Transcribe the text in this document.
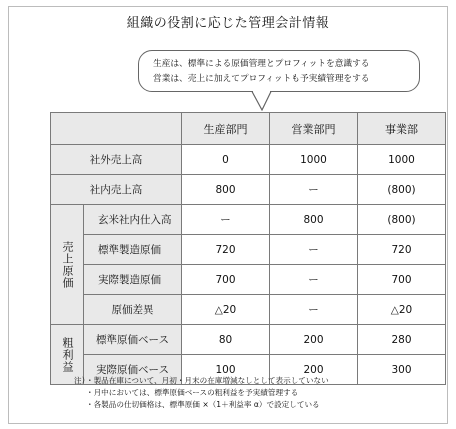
組織の役割に応じた管理会計情報
生産は、標準による原価管理とプロフィットを意識する
営業は、売上に加えてプロフィットも予実績管理をする
		生産部門	営業部門	事業部
社外売上高		0	1000	1000
社内売上高		800	ー	(800)
売上原価	玄米社内仕入高	ー	800	(800)
	標準製造原価	720	ー	720
	実際製造原価	700	ー	700
	原価差異	△20	ー	△20
粗利益	標準原価ベース	80	200	280
	実際原価ベース	100	200	300
注）
・製品在庫について、月初・月末の在庫増減なしとして表示していない
・月中においては、標準原価ベースの粗利益を予実績管理する
・各製品の仕切価格は、標準原価 ×（1＋利益率 α）で設定している
